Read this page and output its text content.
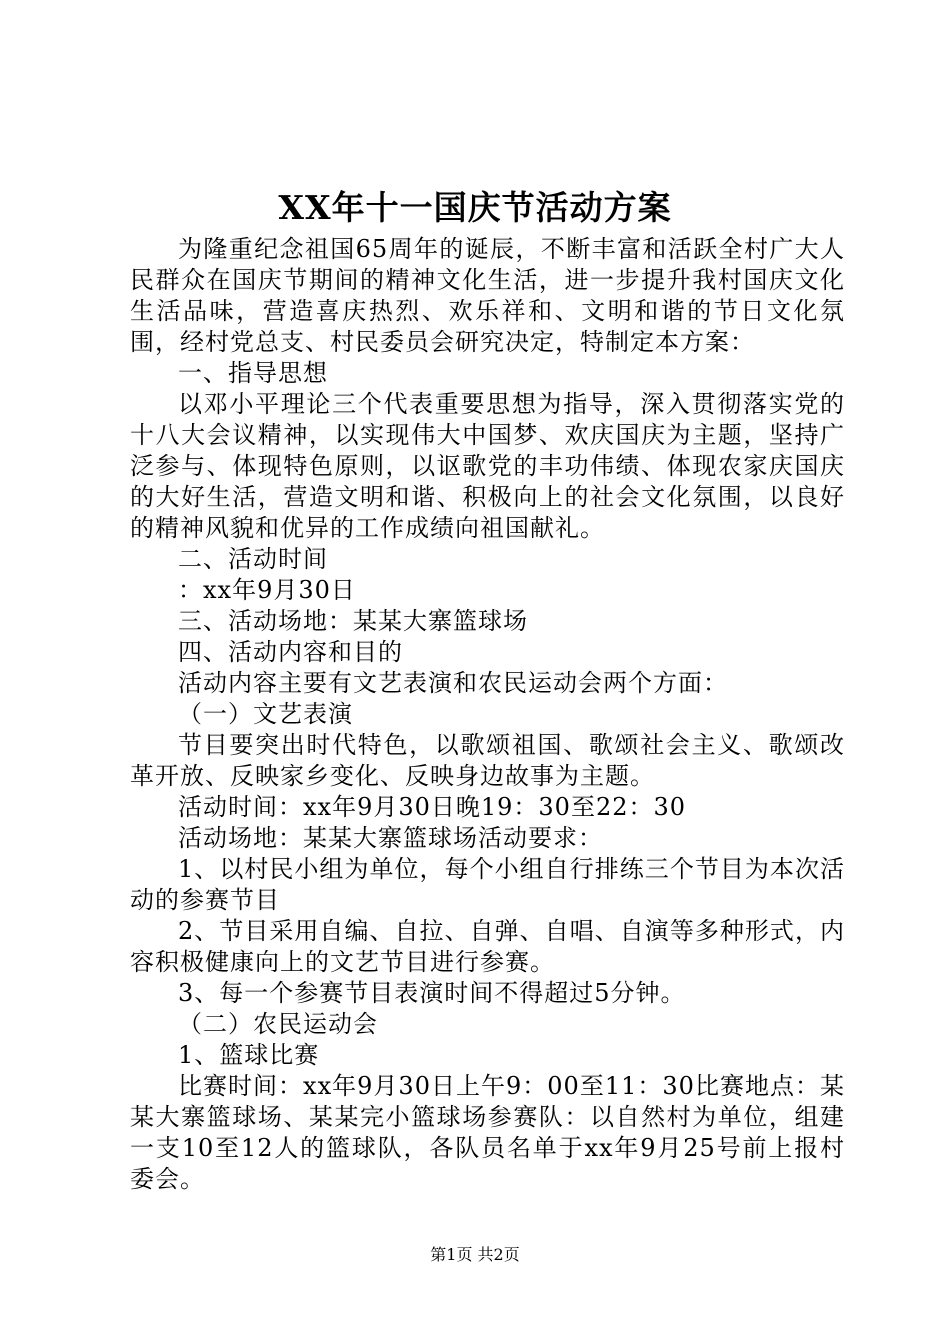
XX年十一国庆节活动方案

为隆重纪念祖国65周年的诞辰，不断丰富和活跃全村广大人民群众在国庆节期间的精神文化生活，进一步提升我村国庆文化生活品味，营造喜庆热烈、欢乐祥和、文明和谐的节日文化氛围，经村党总支、村民委员会研究决定，特制定本方案：

一、指导思想

以邓小平理论三个代表重要思想为指导，深入贯彻落实党的十八大会议精神，以实现伟大中国梦、欢庆国庆为主题，坚持广泛参与、体现特色原则，以讴歌党的丰功伟绩、体现农家庆国庆的大好生活，营造文明和谐、积极向上的社会文化氛围，以良好的精神风貌和优异的工作成绩向祖国献礼。

二、活动时间

：xx年9月30日

三、活动场地：某某大寨篮球场

四、活动内容和目的

活动内容主要有文艺表演和农民运动会两个方面：

（一）文艺表演

节目要突出时代特色，以歌颂祖国、歌颂社会主义、歌颂改革开放、反映家乡变化、反映身边故事为主题。

活动时间：xx年9月30日晚19：30至22：30

活动场地：某某大寨篮球场活动要求：

1、以村民小组为单位，每个小组自行排练三个节目为本次活动的参赛节目

2、节目采用自编、自拉、自弹、自唱、自演等多种形式，内容积极健康向上的文艺节目进行参赛。

3、每一个参赛节目表演时间不得超过5分钟。

（二）农民运动会

1、篮球比赛

比赛时间：xx年9月30日上午9：00至11：30比赛地点：某某大寨篮球场、某某完小篮球场参赛队：以自然村为单位，组建一支10至12人的篮球队，各队员名单于xx年9月25号前上报村委会。

第1页 共2页
